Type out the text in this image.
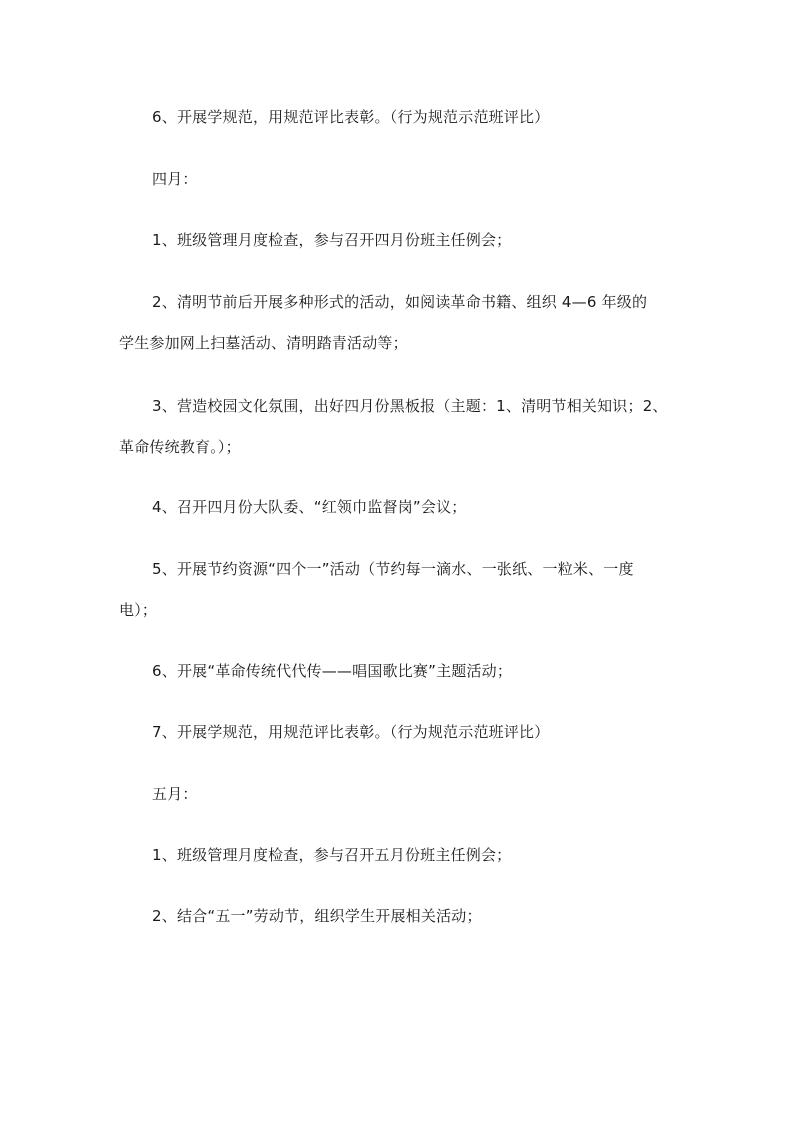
6、开展学规范，用规范评比表彰。（行为规范示范班评比）
四月：
1、班级管理月度检查，参与召开四月份班主任例会；
2、清明节前后开展多种形式的活动，如阅读革命书籍、组织 4—6 年级的
学生参加网上扫墓活动、清明踏青活动等；
3、营造校园文化氛围，出好四月份黑板报（主题：1、清明节相关知识；2、
革命传统教育。）；
4、召开四月份大队委、“红领巾监督岗”会议；
5、开展节约资源“四个一”活动（节约每一滴水、一张纸、一粒米、一度
电）；
6、开展“革命传统代代传——唱国歌比赛”主题活动；
7、开展学规范，用规范评比表彰。（行为规范示范班评比）
五月：
1、班级管理月度检查，参与召开五月份班主任例会；
2、结合“五一”劳动节，组织学生开展相关活动；
